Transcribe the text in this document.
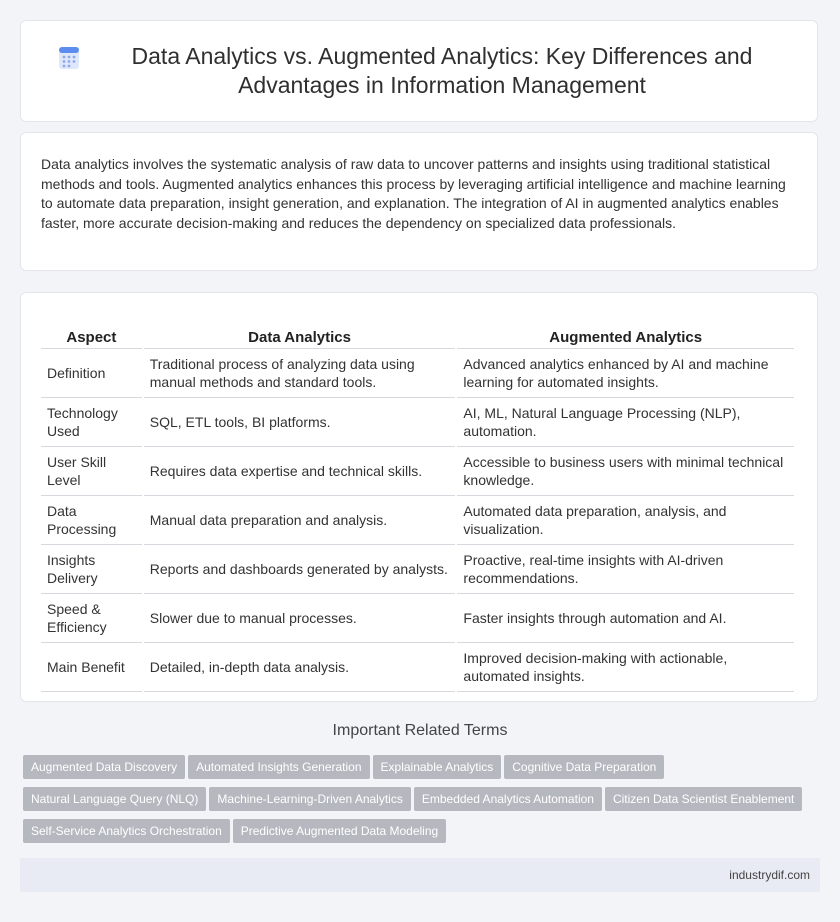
Data Analytics vs. Augmented Analytics: Key Differences and Advantages in Information Management

Data analytics involves the systematic analysis of raw data to uncover patterns and insights using traditional statistical methods and tools. Augmented analytics enhances this process by leveraging artificial intelligence and machine learning to automate data preparation, insight generation, and explanation. The integration of AI in augmented analytics enables faster, more accurate decision-making and reduces the dependency on specialized data professionals.

Aspect	Data Analytics	Augmented Analytics
Definition	Traditional process of analyzing data using manual methods and standard tools.	Advanced analytics enhanced by AI and machine learning for automated insights.
Technology Used	SQL, ETL tools, BI platforms.	AI, ML, Natural Language Processing (NLP), automation.
User Skill Level	Requires data expertise and technical skills.	Accessible to business users with minimal technical knowledge.
Data Processing	Manual data preparation and analysis.	Automated data preparation, analysis, and visualization.
Insights Delivery	Reports and dashboards generated by analysts.	Proactive, real-time insights with AI-driven recommendations.
Speed & Efficiency	Slower due to manual processes.	Faster insights through automation and AI.
Main Benefit	Detailed, in-depth data analysis.	Improved decision-making with actionable, automated insights.
Important Related Terms
Augmented Data Discovery Automated Insights Generation Explainable Analytics Cognitive Data Preparation
Natural Language Query (NLQ) Machine-Learning-Driven Analytics Embedded Analytics Automation Citizen Data Scientist Enablement
Self-Service Analytics Orchestration Predictive Augmented Data Modeling
industrydif.com
